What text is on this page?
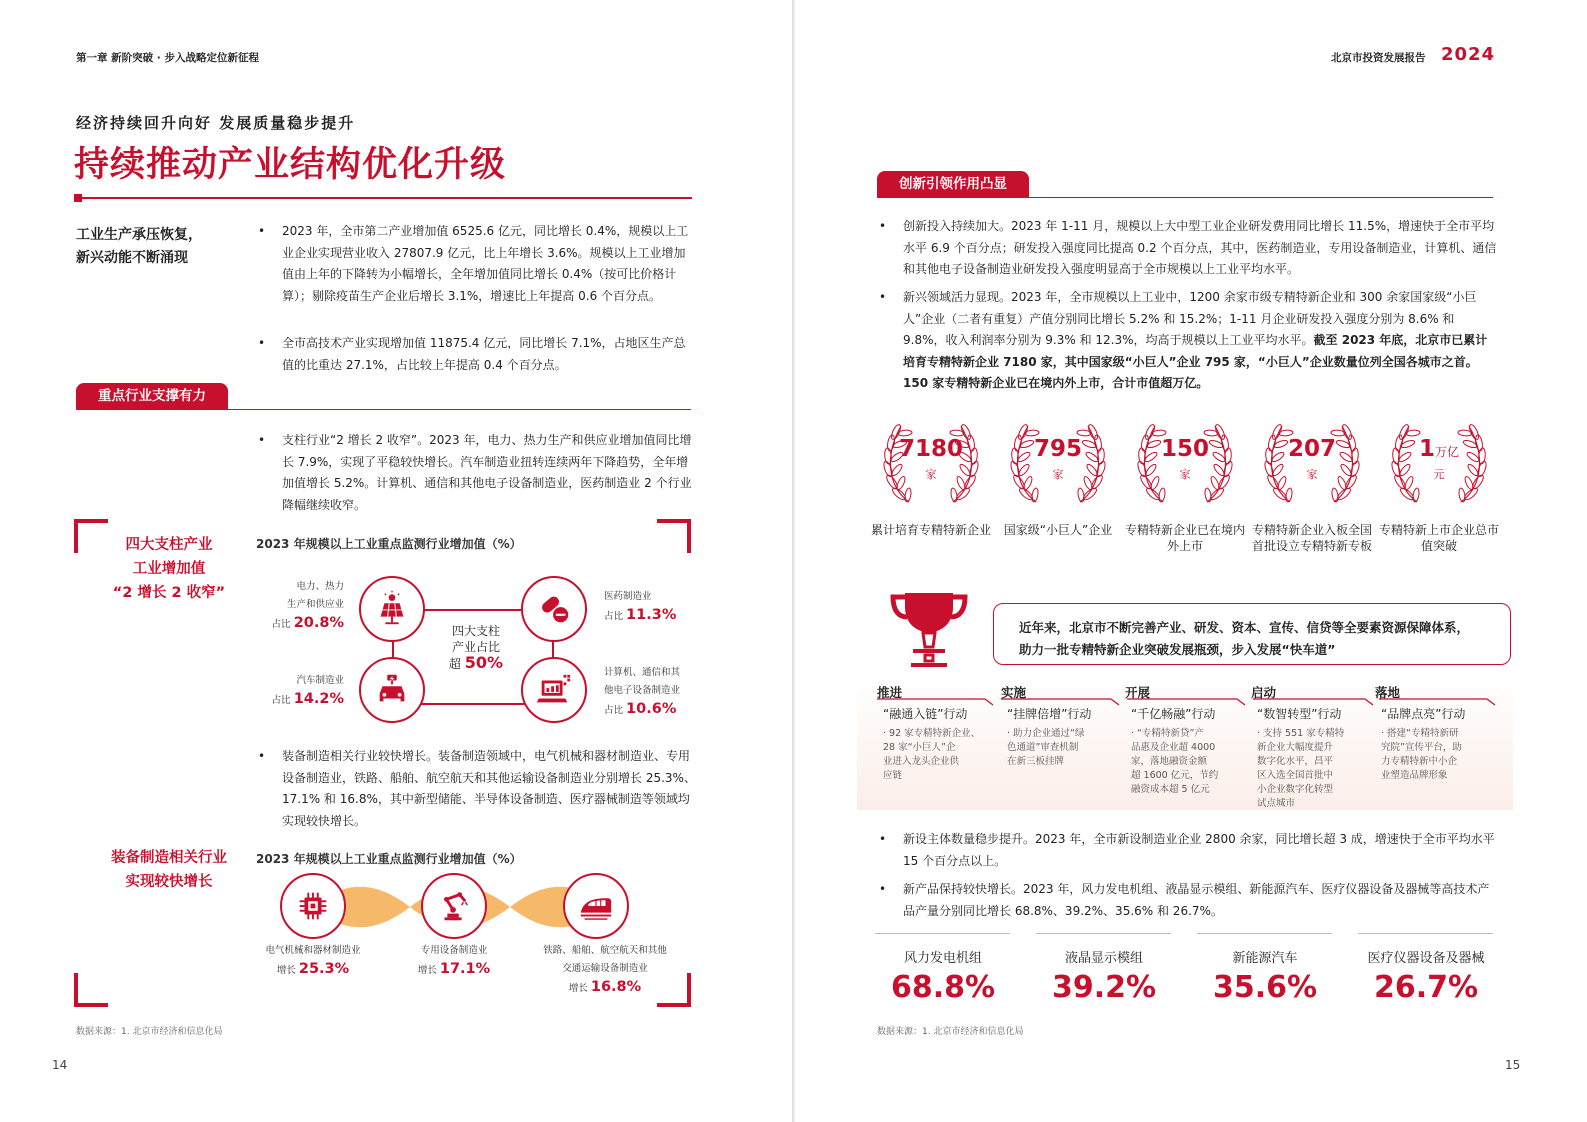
第一章 新阶突破 · 步入战略定位新征程
经济持续回升向好 发展质量稳步提升
持续推动产业结构优化升级
工业生产承压恢复，
新兴动能不断涌现
• 2023 年，全市第二产业增加值 6525.6 亿元，同比增长 0.4%，规模以上工业企业实现营业收入 27807.9 亿元，比上年增长 3.6%。规模以上工业增加值由上年的下降转为小幅增长，全年增加值同比增长 0.4%（按可比价格计算）；剔除疫苗生产企业后增长 3.1%，增速比上年提高 0.6 个百分点。
• 全市高技术产业实现增加值 11875.4 亿元，同比增长 7.1%，占地区生产总值的比重达 27.1%，占比较上年提高 0.4 个百分点。
重点行业支撑有力
• 支柱行业“2 增长 2 收窄”。2023 年，电力、热力生产和供应业增加值同比增长 7.9%，实现了平稳较快增长。汽车制造业扭转连续两年下降趋势，全年增加值增长 5.2%。计算机、通信和其他电子设备制造业，医药制造业 2 个行业降幅继续收窄。
四大支柱产业
工业增加值
“2 增长 2 收窄”
2023 年规模以上工业重点监测行业增加值（%）
四大支柱
产业占比
超 50%
电力、热力
生产和供应业
占比 20.8%
医药制造业
占比 11.3%
汽车制造业
占比 14.2%
计算机、通信和其
他电子设备制造业
占比 10.6%
• 装备制造相关行业较快增长。装备制造领域中，电气机械和器材制造业、专用设备制造业，铁路、船舶、航空航天和其他运输设备制造业分别增长 25.3%、17.1% 和 16.8%，其中新型储能、半导体设备制造、医疗器械制造等领域均实现较快增长。
装备制造相关行业
实现较快增长
2023 年规模以上工业重点监测行业增加值（%）
电气机械和器材制造业
增长 25.3%
专用设备制造业
增长 17.1%
铁路、船舶、航空航天和其他
交通运输设备制造业
增长 16.8%
数据来源：1. 北京市经济和信息化局
14
北京市投资发展报告 2024
创新引领作用凸显
• 创新投入持续加大。2023 年 1-11 月，规模以上大中型工业企业研发费用同比增长 11.5%，增速快于全市平均水平 6.9 个百分点；研发投入强度同比提高 0.2 个百分点，其中，医药制造业，专用设备制造业，计算机、通信和其他电子设备制造业研发投入强度明显高于全市规模以上工业平均水平。
• 新兴领域活力显现。2023 年，全市规模以上工业中，1200 余家市级专精特新企业和 300 余家国家级“小巨人”企业（二者有重复）产值分别同比增长 5.2% 和 15.2%；1-11 月企业研发投入强度分别为 8.6% 和 9.8%，收入利润率分别为 9.3% 和 12.3%，均高于规模以上工业平均水平。截至 2023 年底，北京市已累计培育专精特新企业 7180 家，其中国家级“小巨人”企业 795 家，“小巨人”企业数量位列全国各城市之首。150 家专精特新企业已在境内外上市，合计市值超万亿。
7180
家
累计培育专精特新企业
795
家
国家级“小巨人”企业
150
家
专精特新企业已在境内外上市
207
家
专精特新企业入板全国首批设立专精特新专板
1万亿
元
专精特新上市企业总市值突破
近年来，北京市不断完善产业、研发、资本、宣传、信贷等全要素资源保障体系，
助力一批专精特新企业突破发展瓶颈，步入发展“快车道”
推进
“融通入链”行动
· 92 家专精特新企业、
28 家“小巨人”企
业进入龙头企业供
应链
实施
“挂牌倍增”行动
· 助力企业通过“绿
色通道”审查机制
在新三板挂牌
开展
“千亿畅融”行动
· “专精特新贷”产
品惠及企业超 4000
家，落地融资金额
超 1600 亿元，节约
融资成本超 5 亿元
启动
“数智转型”行动
· 支持 551 家专精特
新企业大幅度提升
数字化水平，昌平
区入选全国首批中
小企业数字化转型
试点城市
落地
“品牌点亮”行动
· 搭建“专精特新研
究院”宣传平台，助
力专精特新中小企
业塑造品牌形象
• 新设主体数量稳步提升。2023 年，全市新设制造业企业 2800 余家，同比增长超 3 成，增速快于全市平均水平 15 个百分点以上。
• 新产品保持较快增长。2023 年，风力发电机组、液晶显示模组、新能源汽车、医疗仪器设备及器械等高技术产品产量分别同比增长 68.8%、39.2%、35.6% 和 26.7%。
风力发电机组
68.8%
液晶显示模组
39.2%
新能源汽车
35.6%
医疗仪器设备及器械
26.7%
数据来源：1. 北京市经济和信息化局
15
